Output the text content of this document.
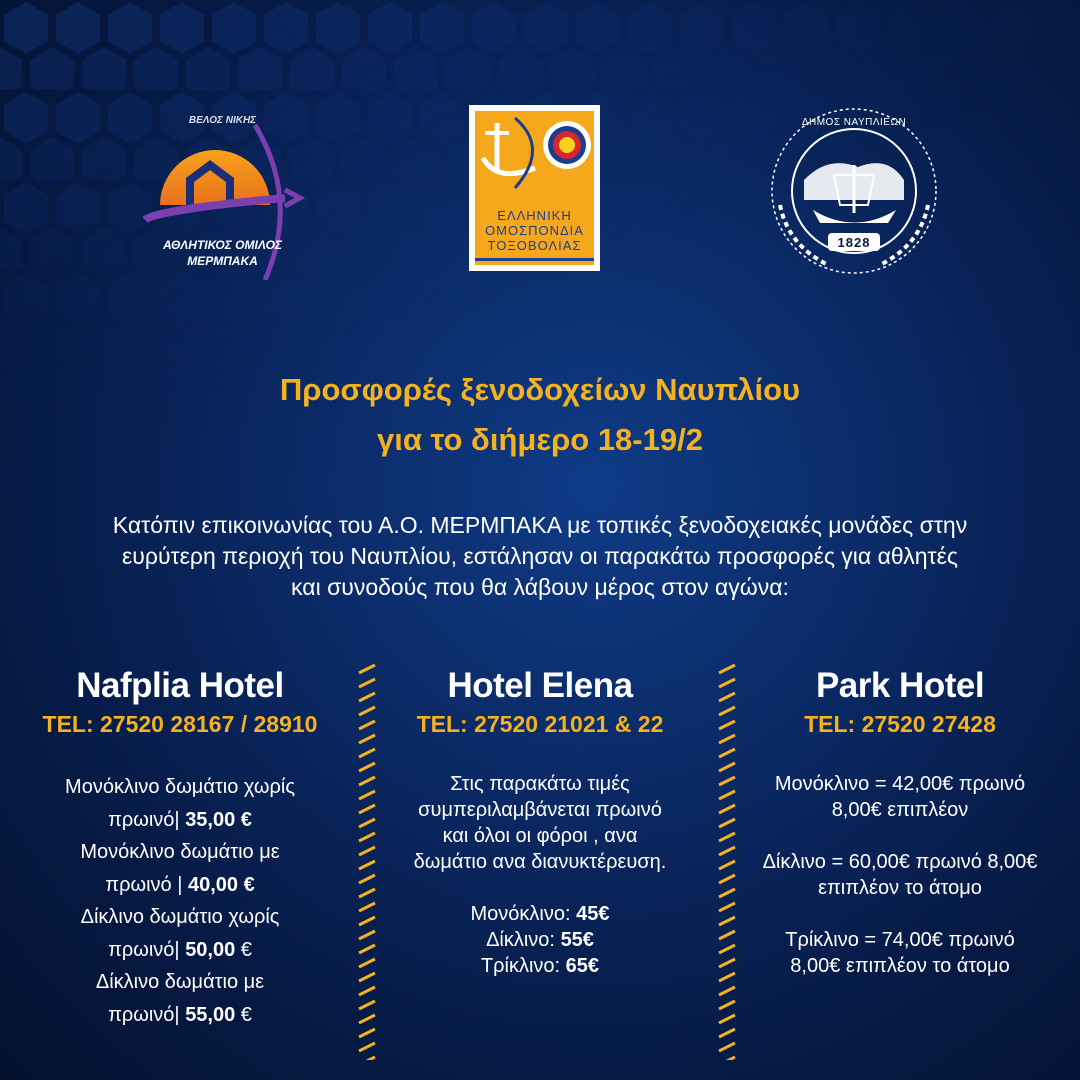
ΒΕΛΟΣ ΝΙΚΗΣ
ΑΘΛΗΤΙΚΟΣ ΟΜΙΛΟΣ
ΜΕΡΜΠΑΚΑ
ΕΛΛΗΝΙΚΗ
ΟΜΟΣΠΟΝΔΙΑ
ΤΟΞΟΒΟΛΙΑΣ
ΔΗΜΟΣ ΝΑΥΠΛΙΕΩΝ
1828
Προσφορές ξενοδοχείων Ναυπλίου
για το διήμερο 18-19/2
Κατόπιν επικοινωνίας του Α.Ο. ΜΕΡΜΠΑΚΑ με τοπικές ξενοδοχειακές μονάδες στην
ευρύτερη περιοχή του Ναυπλίου, εστάλησαν οι παρακάτω προσφορές για αθλητές
και συνοδούς που θα λάβουν μέρος στον αγώνα:
Nafplia Hotel
TEL: 27520 28167 / 28910
Μονόκλινο δωμάτιο χωρίς
πρωινό| 35,00 €
Μονόκλινο δωμάτιο με
πρωινό | 40,00 €
Δίκλινο δωμάτιο χωρίς
πρωινό| 50,00 €
Δίκλινο δωμάτιο με
πρωινό| 55,00 €
Hotel Elena
TEL: 27520 21021 & 22
Στις παρακάτω τιμές
συμπεριλαμβάνεται πρωινό
και όλοι οι φόροι , ανα
δωμάτιο ανα διανυκτέρευση.
Μονόκλινο: 45€
Δίκλινο: 55€
Τρίκλινο: 65€
Park Hotel
TEL: 27520 27428
Μονόκλινο = 42,00€ πρωινό
8,00€ επιπλέον
Δίκλινο = 60,00€ πρωινό 8,00€
επιπλέον το άτομο
Τρίκλινο = 74,00€ πρωινό
8,00€ επιπλέον το άτομο
